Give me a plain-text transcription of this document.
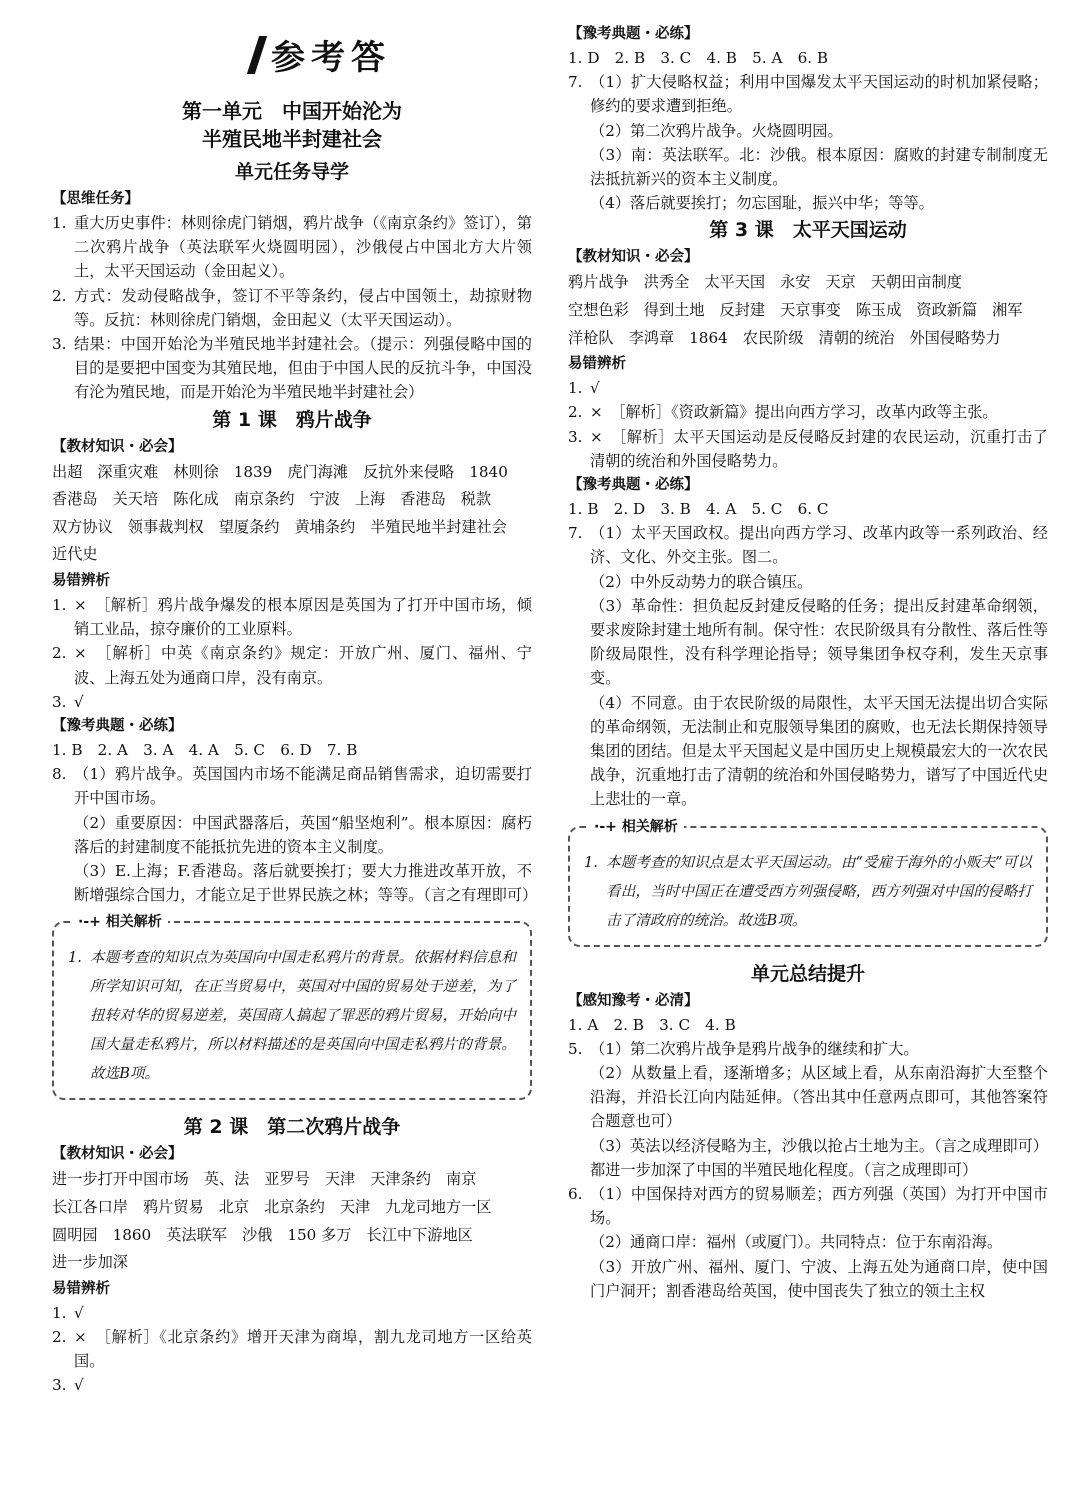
参考答

第一单元　中国开始沦为

半殖民地半封建社会

单元任务导学

【思维任务】

1. 重大历史事件：林则徐虎门销烟，鸦片战争（《南京条约》签订），第二次鸦片战争（英法联军火烧圆明园），沙俄侵占中国北方大片领土，太平天国运动（金田起义）。
2. 方式：发动侵略战争，签订不平等条约，侵占中国领土，劫掠财物等。反抗：林则徐虎门销烟，金田起义（太平天国运动）。
3. 结果：中国开始沦为半殖民地半封建社会。（提示：列强侵略中国的目的是要把中国变为其殖民地，但由于中国人民的反抗斗争，中国没有沦为殖民地，而是开始沦为半殖民地半封建社会）

第 1 课　鸦片战争

【教材知识・必会】

出超 深重灾难 林则徐 1839 虎门海滩 反抗外来侵略 1840
香港岛 关天培 陈化成 南京条约 宁波 上海 香港岛 税款
双方协议 领事裁判权 望厦条约 黄埔条约 半殖民地半封建社会
近代史

易错辨析

1. ×　［解析］鸦片战争爆发的根本原因是英国为了打开中国市场，倾销工业品，掠夺廉价的工业原料。
2. ×　［解析］中英《南京条约》规定：开放广州、厦门、福州、宁波、上海五处为通商口岸，没有南京。
3. √

【豫考典题・必练】

1. B　2. A　3. A　4. A　5. C　6. D　7. B

8. （1）鸦片战争。英国国内市场不能满足商品销售需求，迫切需要打开中国市场。

（2）重要原因：中国武器落后，英国“船坚炮利”。根本原因：腐朽落后的封建制度不能抵抗先进的资本主义制度。

（3）E.上海；F.香港岛。落后就要挨打；要大力推进改革开放，不断增强综合国力，才能立足于世界民族之林；等等。（言之有理即可）

·-+ 相关解析
1. 本题考查的知识点为英国向中国走私鸦片的背景。依据材料信息和所学知识可知，在正当贸易中，英国对中国的贸易处于逆差，为了扭转对华的贸易逆差，英国商人搞起了罪恶的鸦片贸易，开始向中国大量走私鸦片，所以材料描述的是英国向中国走私鸦片的背景。故选B项。

第 2 课　第二次鸦片战争

【教材知识・必会】

进一步打开中国市场 英、法 亚罗号 天津 天津条约 南京
长江各口岸 鸦片贸易 北京 北京条约 天津 九龙司地方一区
圆明园 1860 英法联军 沙俄 150 多万 长江中下游地区
进一步加深

易错辨析

1. √
2. ×　［解析］《北京条约》增开天津为商埠，割九龙司地方一区给英国。
3. √

【豫考典题・必练】

1. D　2. B　3. C　4. B　5. A　6. B

7. （1）扩大侵略权益；利用中国爆发太平天国运动的时机加紧侵略；修约的要求遭到拒绝。

（2）第二次鸦片战争。火烧圆明园。

（3）南：英法联军。北：沙俄。根本原因：腐败的封建专制制度无法抵抗新兴的资本主义制度。

（4）落后就要挨打；勿忘国耻，振兴中华；等等。

第 3 课　太平天国运动

【教材知识・必会】

鸦片战争 洪秀全 太平天国 永安 天京 天朝田亩制度
空想色彩 得到土地 反封建 天京事变 陈玉成 资政新篇 湘军
洋枪队 李鸿章 1864 农民阶级 清朝的统治 外国侵略势力

易错辨析

1. √
2. ×　［解析］《资政新篇》提出向西方学习，改革内政等主张。
3. ×　［解析］太平天国运动是反侵略反封建的农民运动，沉重打击了清朝的统治和外国侵略势力。

【豫考典题・必练】

1. B　2. D　3. B　4. A　5. C　6. C

7. （1）太平天国政权。提出向西方学习、改革内政等一系列政治、经济、文化、外交主张。图二。

（2）中外反动势力的联合镇压。

（3）革命性：担负起反封建反侵略的任务；提出反封建革命纲领，要求废除封建土地所有制。保守性：农民阶级具有分散性、落后性等阶级局限性，没有科学理论指导；领导集团争权夺利，发生天京事变。

（4）不同意。由于农民阶级的局限性，太平天国无法提出切合实际的革命纲领，无法制止和克服领导集团的腐败，也无法长期保持领导集团的团结。但是太平天国起义是中国历史上规模最宏大的一次农民战争，沉重地打击了清朝的统治和外国侵略势力，谱写了中国近代史上悲壮的一章。

·-+ 相关解析
1. 本题考查的知识点是太平天国运动。由“受雇于海外的小贩夫”可以看出，当时中国正在遭受西方列强侵略，西方列强对中国的侵略打击了清政府的统治。故选B项。

单元总结提升

【感知豫考・必清】

1. A　2. B　3. C　4. B

5. （1）第二次鸦片战争是鸦片战争的继续和扩大。

（2）从数量上看，逐渐增多；从区域上看，从东南沿海扩大至整个沿海，并沿长江向内陆延伸。（答出其中任意两点即可，其他答案符合题意也可）

（3）英法以经济侵略为主，沙俄以抢占土地为主。（言之成理即可）都进一步加深了中国的半殖民地化程度。（言之成理即可）

6. （1）中国保持对西方的贸易顺差；西方列强（英国）为打开中国市场。

（2）通商口岸：福州（或厦门）。共同特点：位于东南沿海。

（3）开放广州、福州、厦门、宁波、上海五处为通商口岸，使中国门户洞开；割香港岛给英国，使中国丧失了独立的领土主权
